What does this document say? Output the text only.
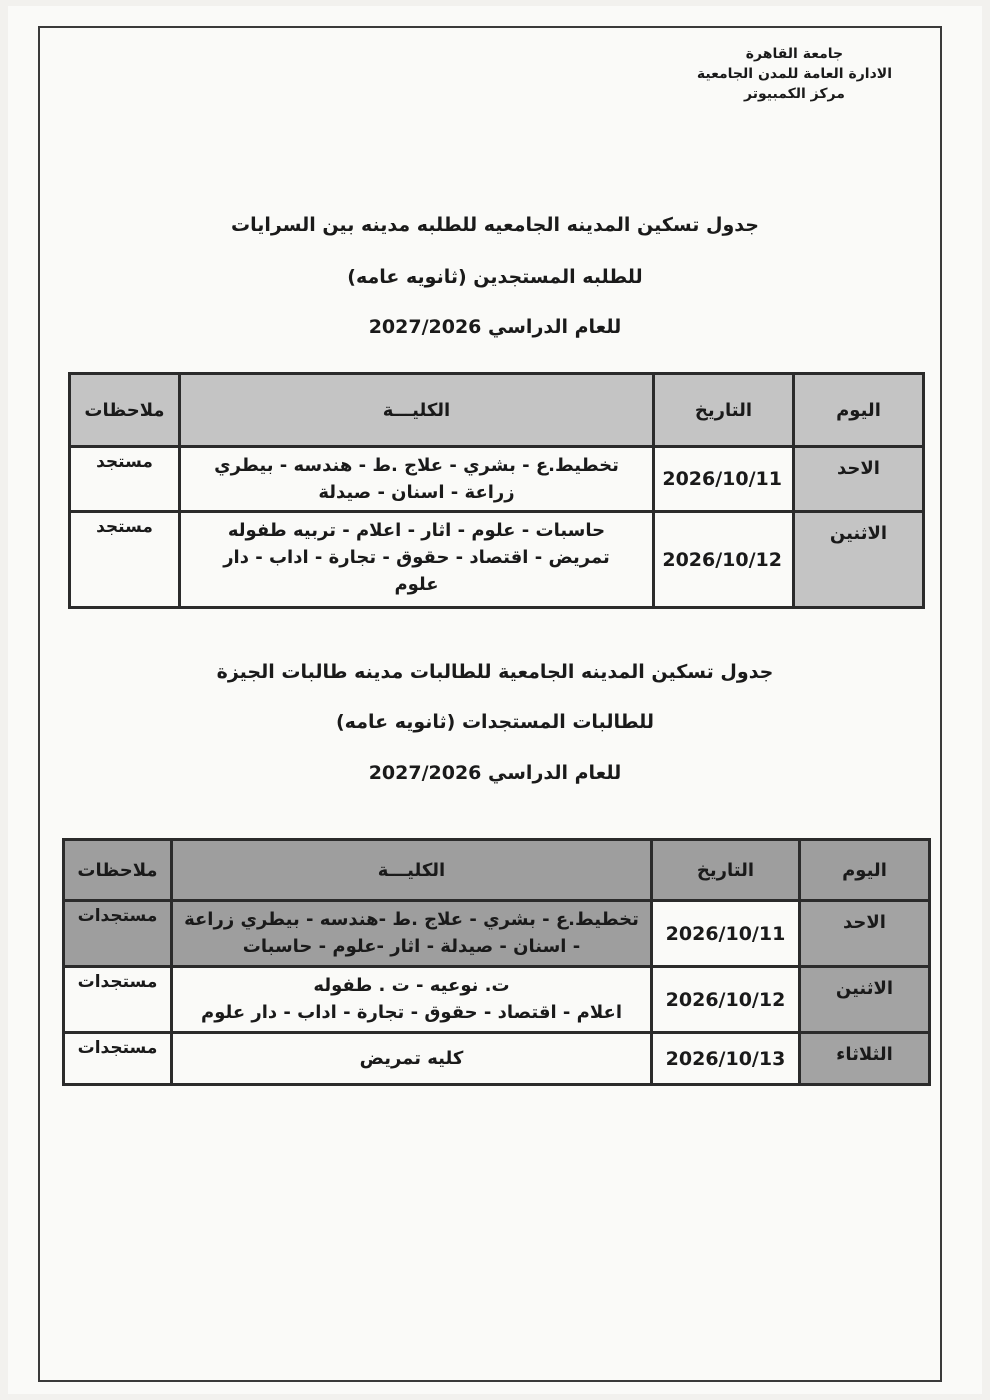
جامعة القاهرة
الادارة العامة للمدن الجامعية
مركز الكمبيوتر
جدول تسكين المدينه الجامعيه للطلبه مدينه بين السرايات
للطلبه المستجدين (ثانويه عامه)
للعام الدراسي 2027/2026
اليوم	التاريخ	الكليـــة	ملاحظات
الاحد	2026/10/11	تخطيط.ع - بشري - علاج .ط - هندسه - بيطري
زراعة - اسنان - صيدلة	مستجد
الاثنين	2026/10/12	حاسبات - علوم - اثار - اعلام - تربيه طفوله
تمريض - اقتصاد - حقوق - تجارة - اداب - دار
علوم	مستجد
جدول تسكين المدينه الجامعية للطالبات مدينه طالبات الجيزة
للطالبات المستجدات (ثانويه عامه)
للعام الدراسي 2027/2026
اليوم	التاريخ	الكليـــة	ملاحظات
الاحد	2026/10/11	تخطيط.ع - بشري - علاج .ط -هندسه - بيطري زراعة
- اسنان - صيدلة - اثار -علوم - حاسبات	مستجدات
الاثنين	2026/10/12	ت. نوعيه - ت . طفوله
اعلام - اقتصاد - حقوق - تجارة - اداب - دار علوم	مستجدات
الثلاثاء	2026/10/13	كليه تمريض	مستجدات
